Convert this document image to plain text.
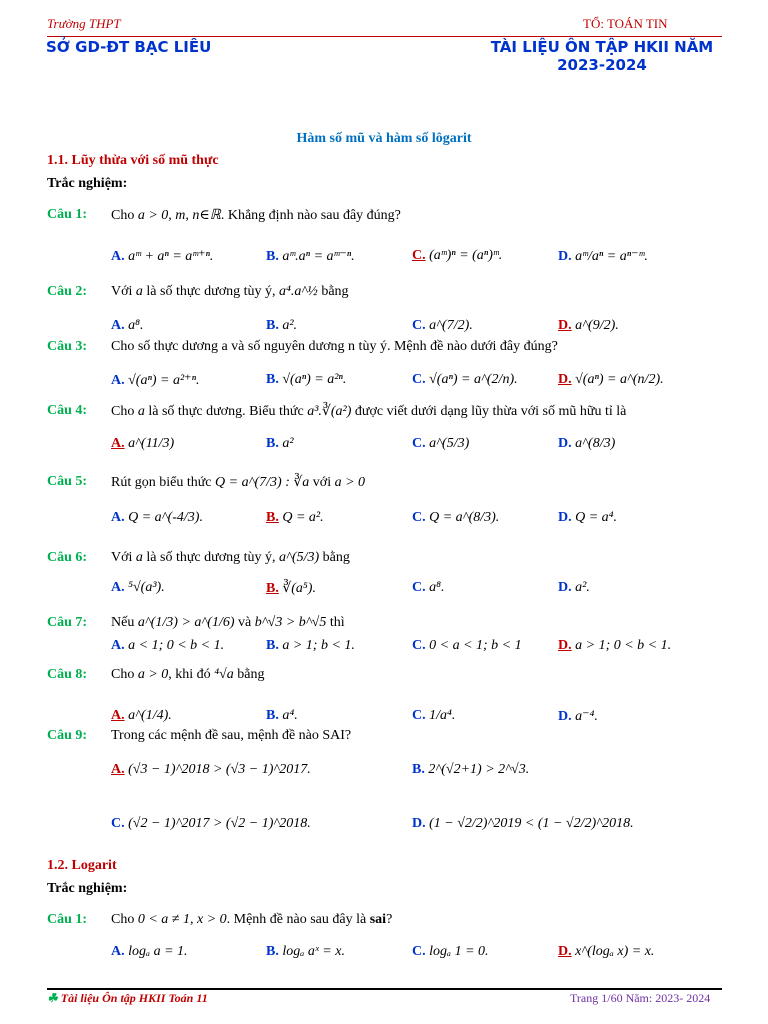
Trường THPT	TỔ: TOÁN TIN
SỞ GD-ĐT BẠC LIÊU	TÀI LIỆU ÔN TẬP HKII NĂM 2023-2024
Hàm số mũ và hàm số lôgarit
1.1. Lũy thừa với số mũ thực
Trắc nghiệm:
Câu 1: Cho a > 0, m, n∈ℝ. Khẳng định nào sau đây đúng?
A. aᵐ + aⁿ = aᵐ⁺ⁿ.	B. aᵐ.aⁿ = aᵐ⁻ⁿ.	C. (aᵐ)ⁿ = (aⁿ)ᵐ.	D. aᵐ/aⁿ = aⁿ⁻ᵐ.
Câu 2: Với a là số thực dương tùy ý, a⁴.a^½ bằng
A. a⁸.	B. a².	C. a^(7/2).	D. a^(9/2).
Câu 3: Cho số thực dương a và số nguyên dương n tùy ý. Mệnh đề nào dưới đây đúng?
A. √(aⁿ) = a²⁺ⁿ.	B. √(aⁿ) = a²ⁿ.	C. √(aⁿ) = a^(2/n).	D. √(aⁿ) = a^(n/2).
Câu 4: Cho a là số thực dương. Biểu thức a³.∛(a²) được viết dưới dạng lũy thừa với số mũ hữu tỉ là
A. a^(11/3)	B. a²	C. a^(5/3)	D. a^(8/3)
Câu 5: Rút gọn biểu thức Q = a^(7/3) : ∛a với a > 0
A. Q = a^(-4/3).	B. Q = a².	C. Q = a^(8/3).	D. Q = a⁴.
Câu 6: Với a là số thực dương tùy ý, a^(5/3) bằng
A. ⁵√(a³).	B. ∛(a⁵).	C. a⁸.	D. a².
Câu 7: Nếu a^(1/3) > a^(1/6) và b^√3 > b^√5 thì
A. a < 1; 0 < b < 1.	B. a > 1; b < 1.	C. 0 < a < 1; b < 1	D. a > 1; 0 < b < 1.
Câu 8: Cho a > 0, khi đó ⁴√a bằng
A. a^(1/4).	B. a⁴.	C. 1/a⁴.	D. a⁻⁴.
Câu 9: Trong các mệnh đề sau, mệnh đề nào SAI?
A. (√3 − 1)^2018 > (√3 − 1)^2017.	B. 2^(√2+1) > 2^√3.
C. (√2 − 1)^2017 > (√2 − 1)^2018.	D. (1 − √2/2)^2019 < (1 − √2/2)^2018.
1.2. Logarit
Trắc nghiệm:
Câu 1: Cho 0 < a ≠ 1, x > 0. Mệnh đề nào sau đây là sai?
A. logₐ a = 1.	B. logₐ aˣ = x.	C. logₐ 1 = 0.	D. x^(logₐ x) = x.
☘ Tài liệu Ôn tập HKII Toán 11	Trang 1/60 Năm: 2023- 2024
